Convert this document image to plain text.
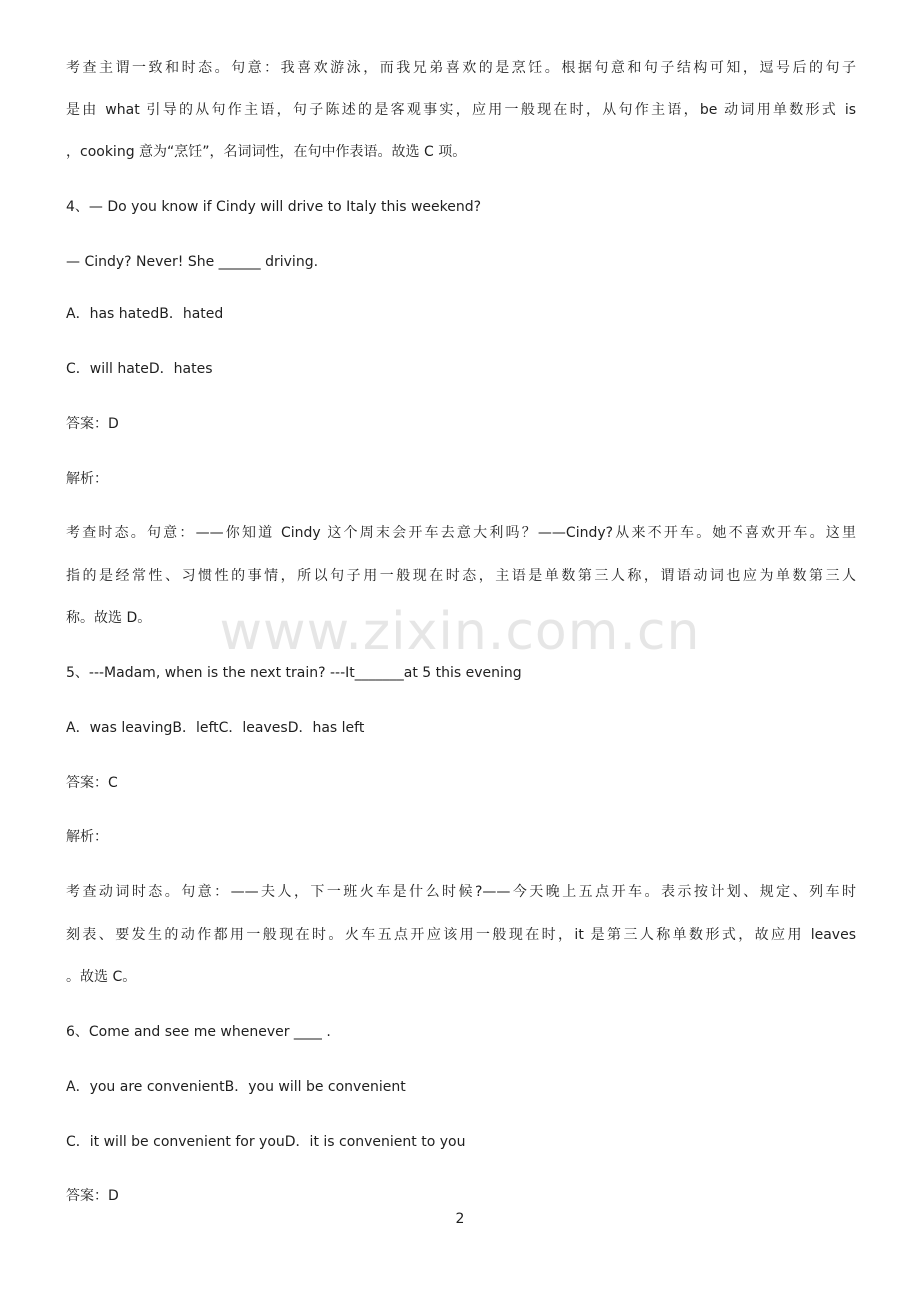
考查主谓一致和时态。句意：我喜欢游泳，而我兄弟喜欢的是烹饪。根据句意和句子结构可知，逗号后的句子
是由 what 引导的从句作主语，句子陈述的是客观事实，应用一般现在时，从句作主语，be 动词用单数形式 is
，cooking 意为“烹饪”，名词词性，在句中作表语。故选 C 项。
4、— Do you know if Cindy will drive to Italy this weekend?
— Cindy? Never! She ______ driving.
A．has hatedB．hated
C．will hateD．hates
答案：D
解析：
考查时态。句意：——你知道 Cindy 这个周末会开车去意大利吗？——Cindy?从来不开车。她不喜欢开车。这里
指的是经常性、习惯性的事情，所以句子用一般现在时态，主语是单数第三人称，谓语动词也应为单数第三人
称。故选 D。
5、---Madam, when is the next train? ---It_______at 5 this evening
A．was leavingB．leftC．leavesD．has left
答案：C
解析：
考查动词时态。句意：——夫人，下一班火车是什么时候?——今天晚上五点开车。表示按计划、规定、列车时
刻表、要发生的动作都用一般现在时。火车五点开应该用一般现在时，it 是第三人称单数形式，故应用 leaves
。故选 C。
6、Come and see me whenever ____ .
A．you are convenientB．you will be convenient
C．it will be convenient for youD．it is convenient to you
答案：D
www.zixin.com.cn
2
